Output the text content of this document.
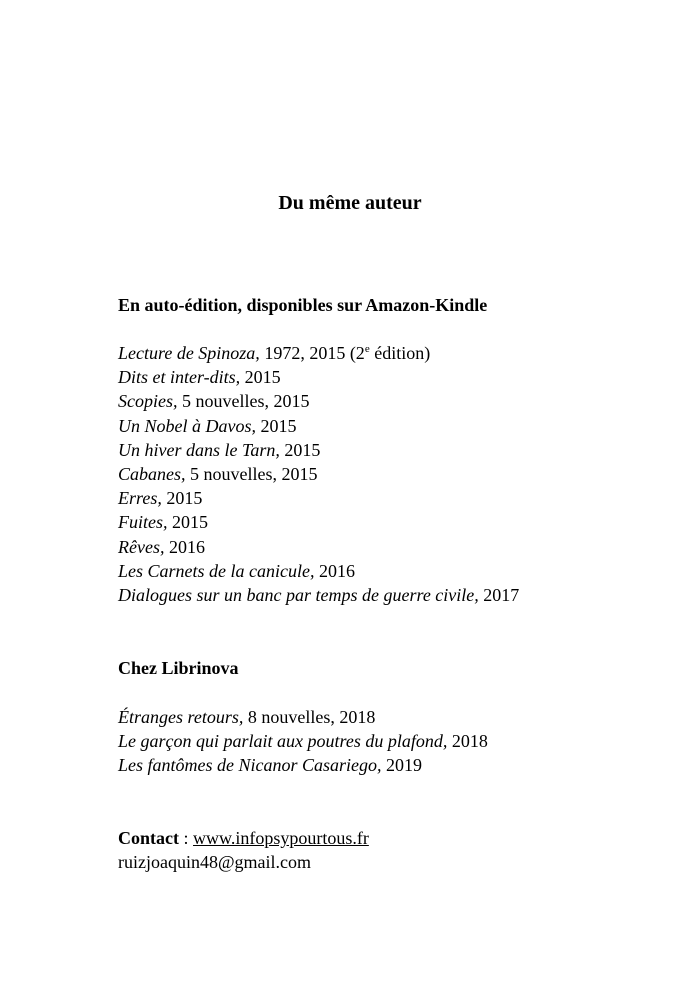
Du même auteur
En auto-édition, disponibles sur Amazon-Kindle
Lecture de Spinoza, 1972, 2015 (2e édition)
Dits et inter-dits, 2015
Scopies, 5 nouvelles, 2015
Un Nobel à Davos, 2015
Un hiver dans le Tarn, 2015
Cabanes, 5 nouvelles, 2015
Erres, 2015
Fuites, 2015
Rêves, 2016
Les Carnets de la canicule, 2016
Dialogues sur un banc par temps de guerre civile, 2017
Chez Librinova
Étranges retours, 8 nouvelles, 2018
Le garçon qui parlait aux poutres du plafond, 2018
Les fantômes de Nicanor Casariego, 2019
Contact : www.infopsypourtous.fr
ruizjoaquin48@gmail.com
